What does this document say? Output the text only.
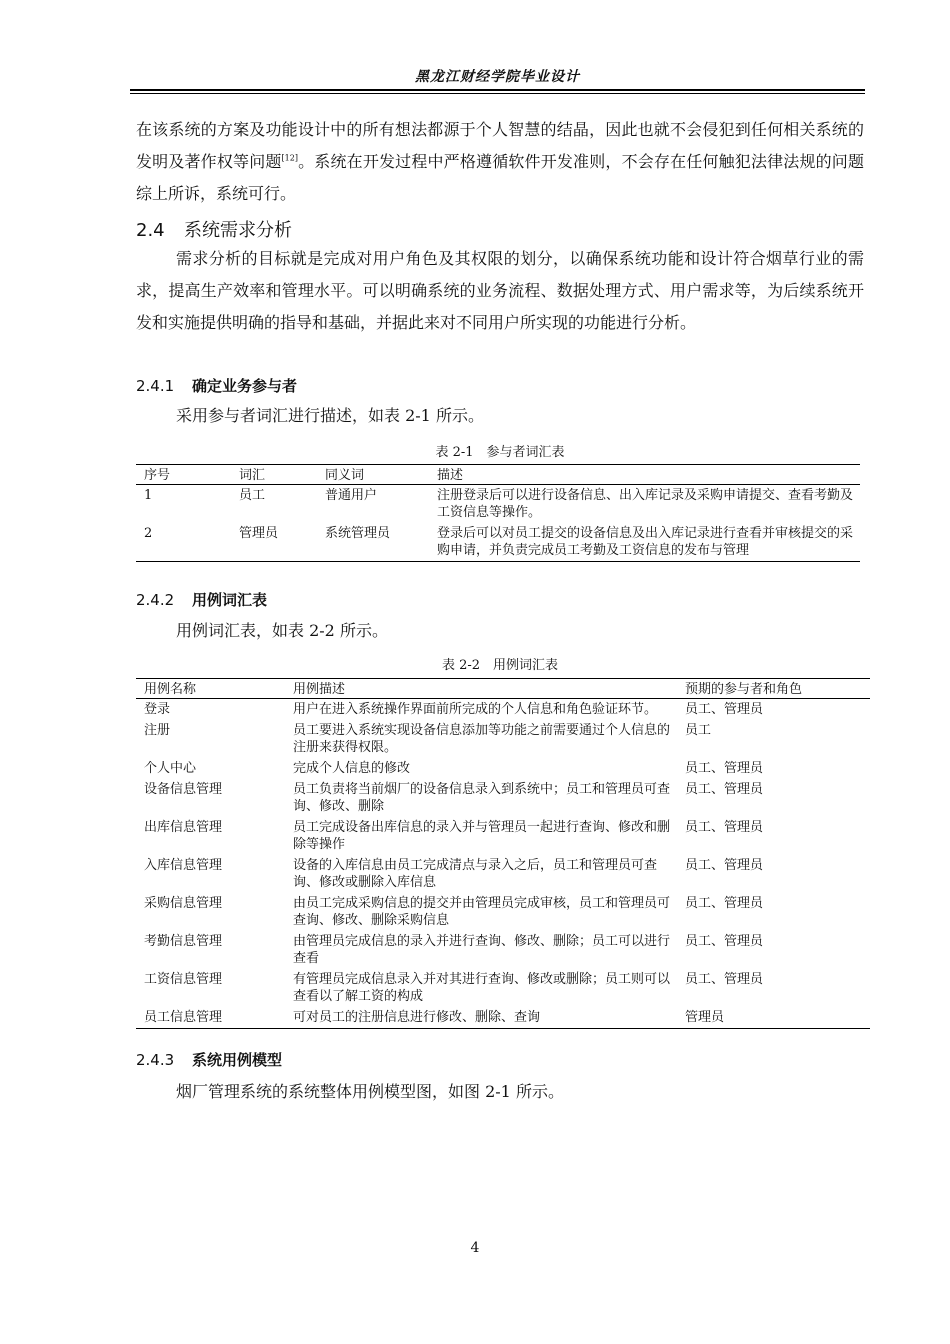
黑龙江财经学院毕业设计

在该系统的方案及功能设计中的所有想法都源于个人智慧的结晶，因此也就不会侵犯到任何相关系统的发明及著作权等问题[12]。系统在开发过程中严格遵循软件开发准则，不会存在任何触犯法律法规的问题综上所诉，系统可行。

2.4 系统需求分析

需求分析的目标就是完成对用户角色及其权限的划分，以确保系统功能和设计符合烟草行业的需求，提高生产效率和管理水平。可以明确系统的业务流程、数据处理方式、用户需求等，为后续系统开发和实施提供明确的指导和基础，并据此来对不同用户所实现的功能进行分析。

2.4.1 确定业务参与者

采用参与者词汇进行描述，如表 2-1 所示。

表 2-1　参与者词汇表
序号	词汇	同义词	描述
1	员工	普通用户	注册登录后可以进行设备信息、出入库记录及采购申请提交、查看考勤及工资信息等操作。
2	管理员	系统管理员	登录后可以对员工提交的设备信息及出入库记录进行查看并审核提交的采购申请，并负责完成员工考勤及工资信息的发布与管理
2.4.2 用例词汇表

用例词汇表，如表 2-2 所示。

表 2-2　用例词汇表
用例名称	用例描述	预期的参与者和角色
登录	用户在进入系统操作界面前所完成的个人信息和角色验证环节。	员工、管理员
注册	员工要进入系统实现设备信息添加等功能之前需要通过个人信息的注册来获得权限。	员工
个人中心	完成个人信息的修改	员工、管理员
设备信息管理	员工负责将当前烟厂的设备信息录入到系统中；员工和管理员可查询、修改、删除	员工、管理员
出库信息管理	员工完成设备出库信息的录入并与管理员一起进行查询、修改和删除等操作	员工、管理员
入库信息管理	设备的入库信息由员工完成清点与录入之后，员工和管理员可查询、修改或删除入库信息	员工、管理员
采购信息管理	由员工完成采购信息的提交并由管理员完成审核，员工和管理员可查询、修改、删除采购信息	员工、管理员
考勤信息管理	由管理员完成信息的录入并进行查询、修改、删除；员工可以进行查看	员工、管理员
工资信息管理	有管理员完成信息录入并对其进行查询、修改或删除；员工则可以查看以了解工资的构成	员工、管理员
员工信息管理	可对员工的注册信息进行修改、删除、查询	管理员
2.4.3 系统用例模型

烟厂管理系统的系统整体用例模型图，如图 2-1 所示。

4
